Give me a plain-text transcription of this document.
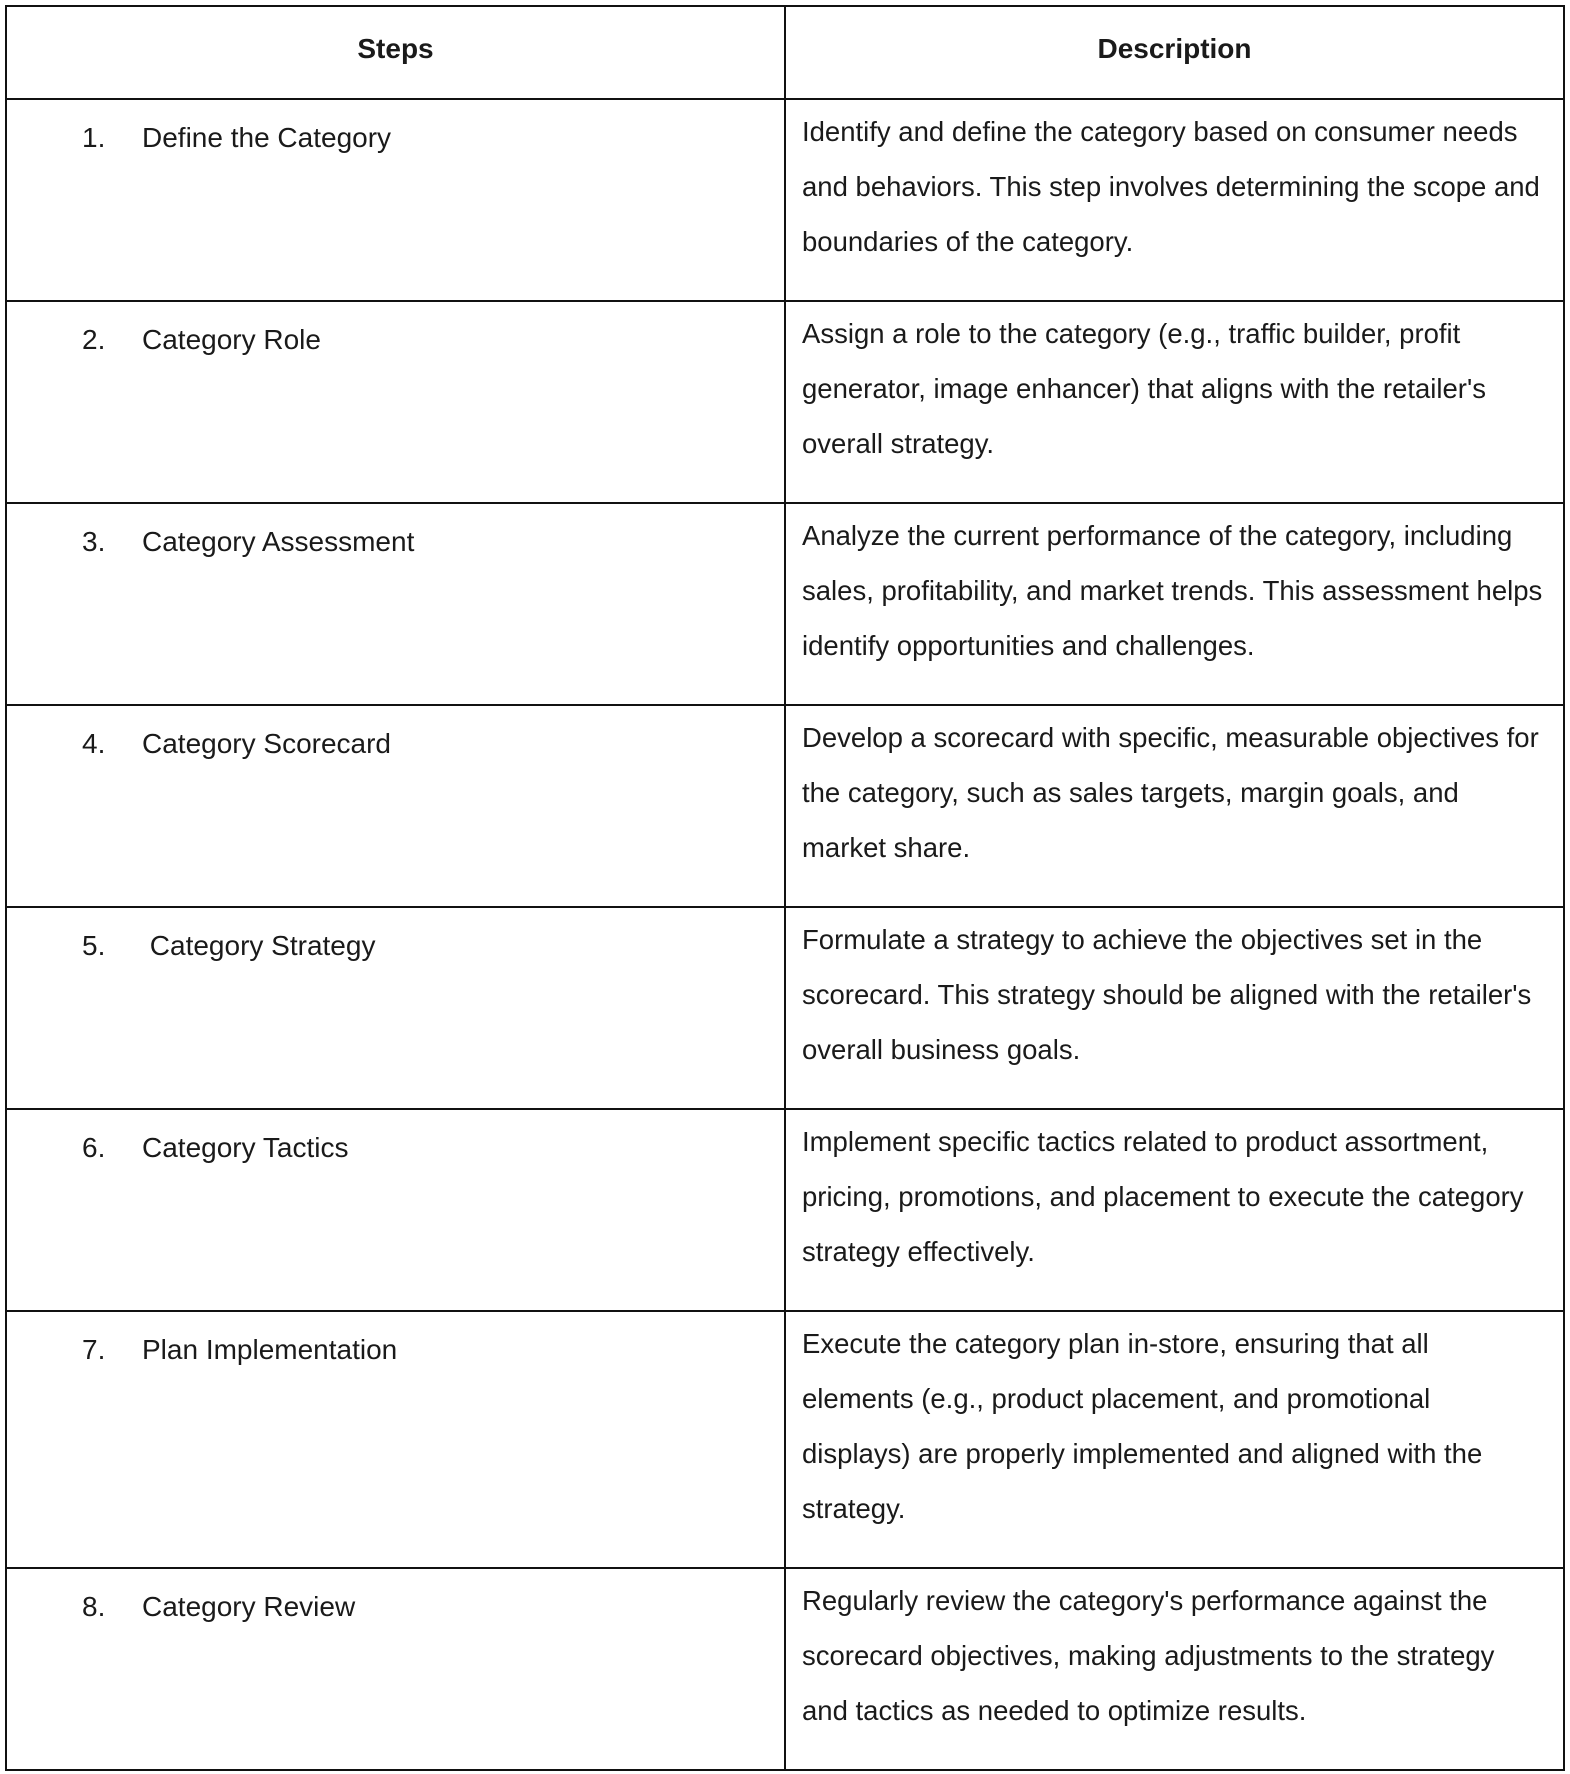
Steps	Description

1. Define the Category	Identify and define the category based on consumer needs and behaviors. This step involves determining the scope and boundaries of the category.

2. Category Role	Assign a role to the category (e.g., traffic builder, profit generator, image enhancer) that aligns with the retailer's overall strategy.

3. Category Assessment	Analyze the current performance of the category, including sales, profitability, and market trends. This assessment helps identify opportunities and challenges.

4. Category Scorecard	Develop a scorecard with specific, measurable objectives for the category, such as sales targets, margin goals, and market share.

5. Category Strategy	Formulate a strategy to achieve the objectives set in the scorecard. This strategy should be aligned with the retailer's overall business goals.

6. Category Tactics	Implement specific tactics related to product assortment, pricing, promotions, and placement to execute the category strategy effectively.

7. Plan Implementation	Execute the category plan in-store, ensuring that all elements (e.g., product placement, and promotional displays) are properly implemented and aligned with the strategy.

8. Category Review	Regularly review the category's performance against the scorecard objectives, making adjustments to the strategy and tactics as needed to optimize results.
